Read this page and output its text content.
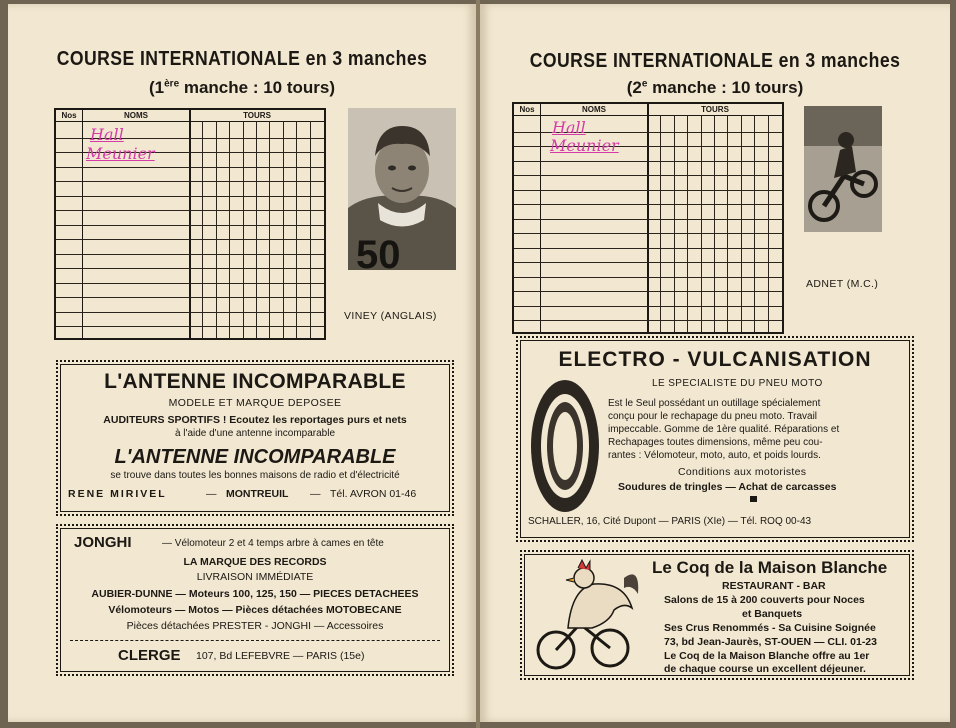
COURSE INTERNATIONALE en 3 manches
(1ère manche : 10 tours)
Nos	NOMS	TOURS
Hall
Meunier
50
VINEY (ANGLAIS)
L'ANTENNE INCOMPARABLE
MODELE ET MARQUE DEPOSEE
AUDITEURS SPORTIFS ! Ecoutez les reportages purs et nets
à l'aide d'une antenne incomparable
L'ANTENNE INCOMPARABLE
se trouve dans toutes les bonnes maisons de radio et d'électricité
RENE MIRIVEL	— MONTREUIL — Tél. AVRON 01-46
JONGHI	— Vélomoteur 2 et 4 temps arbre à cames en tête
LA MARQUE DES RECORDS
LIVRAISON IMMÉDIATE
AUBIER-DUNNE — Moteurs 100, 125, 150 — PIECES DETACHEES
Vélomoteurs — Motos — Pièces détachées MOTOBECANE
Pièces détachées PRESTER - JONGHI — Accessoires
CLERGE 107, Bd LEFEBVRE — PARIS (15e)
COURSE INTERNATIONALE en 3 manches
(2e manche : 10 tours)
Nos	NOMS	TOURS
Hall
Meunier
ADNET (M.C.)
ELECTRO - VULCANISATION
LE SPECIALISTE DU PNEU MOTO
Est le Seul possédant un outillage spécialement
conçu pour le rechapage du pneu moto. Travail
impeccable. Gomme de 1ère qualité. Réparations et
Rechapages toutes dimensions, même peu cou-
rantes : Vélomoteur, moto, auto, et poids lourds.
Conditions aux motoristes
Soudures de tringles — Achat de carcasses
SCHALLER, 16, Cité Dupont — PARIS (XIe) — Tél. ROQ 00-43
Le Coq de la Maison Blanche
RESTAURANT - BAR
Salons de 15 à 200 couverts pour Noces
et Banquets
Ses Crus Renommés - Sa Cuisine Soignée
73, bd Jean-Jaurès, ST-OUEN — CLI. 01-23
Le Coq de la Maison Blanche offre au 1er
de chaque course un excellent déjeuner.
